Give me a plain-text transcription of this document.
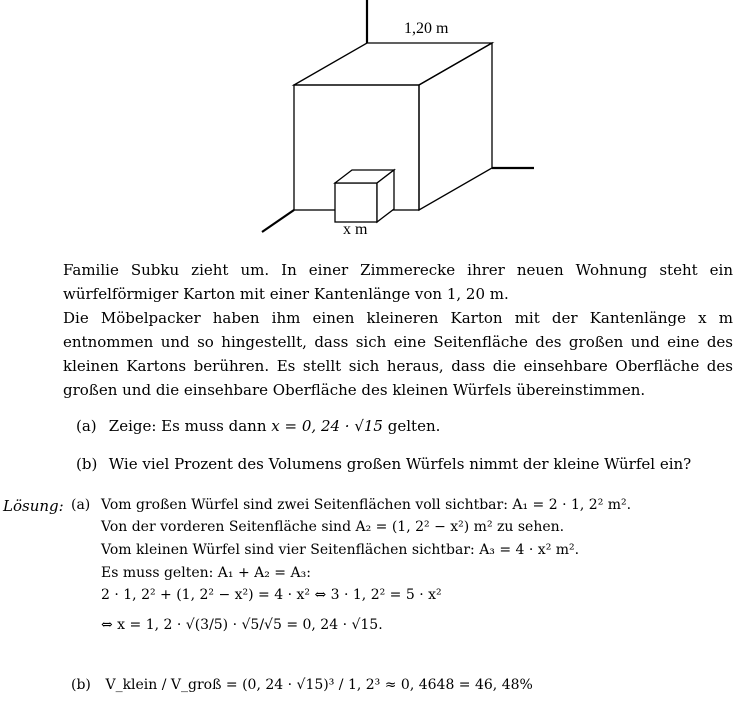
1,20 m
x m

Familie Subku zieht um. In einer Zimmerecke ihrer neuen Wohnung steht ein würfelförmiger Karton mit einer Kantenlänge von 1, 20 m.

Die Möbelpacker haben ihm einen kleineren Karton mit der Kantenlänge x m entnommen und so hingestellt, dass sich eine Seitenfläche des großen und eine des kleinen Kartons berühren. Es stellt sich heraus, dass die einsehbare Oberfläche des großen und die einsehbare Oberfläche des kleinen Würfels übereinstimmen.

(a) Zeige: Es muss dann x = 0, 24 · √15 gelten.
(b) Wie viel Prozent des Volumens großen Würfels nimmt der kleine Würfel ein?
Lösung: (a) Vom großen Würfel sind zwei Seitenflächen voll sichtbar: A₁ = 2 · 1, 2² m².
Von der vorderen Seitenfläche sind A₂ = (1, 2² − x²) m² zu sehen.
Vom kleinen Würfel sind vier Seitenflächen sichtbar: A₃ = 4 · x² m².
Es muss gelten: A₁ + A₂ = A₃:
2 · 1, 2² + (1, 2² − x²) = 4 · x² ⇔ 3 · 1, 2² = 5 · x²
⇔ x = 1, 2 · √(3/5) · √5/√5 = 0, 24 · √15.
(b) V_klein / V_groß = (0, 24 · √15)³ / 1, 2³ ≈ 0, 4648 = 46, 48%
